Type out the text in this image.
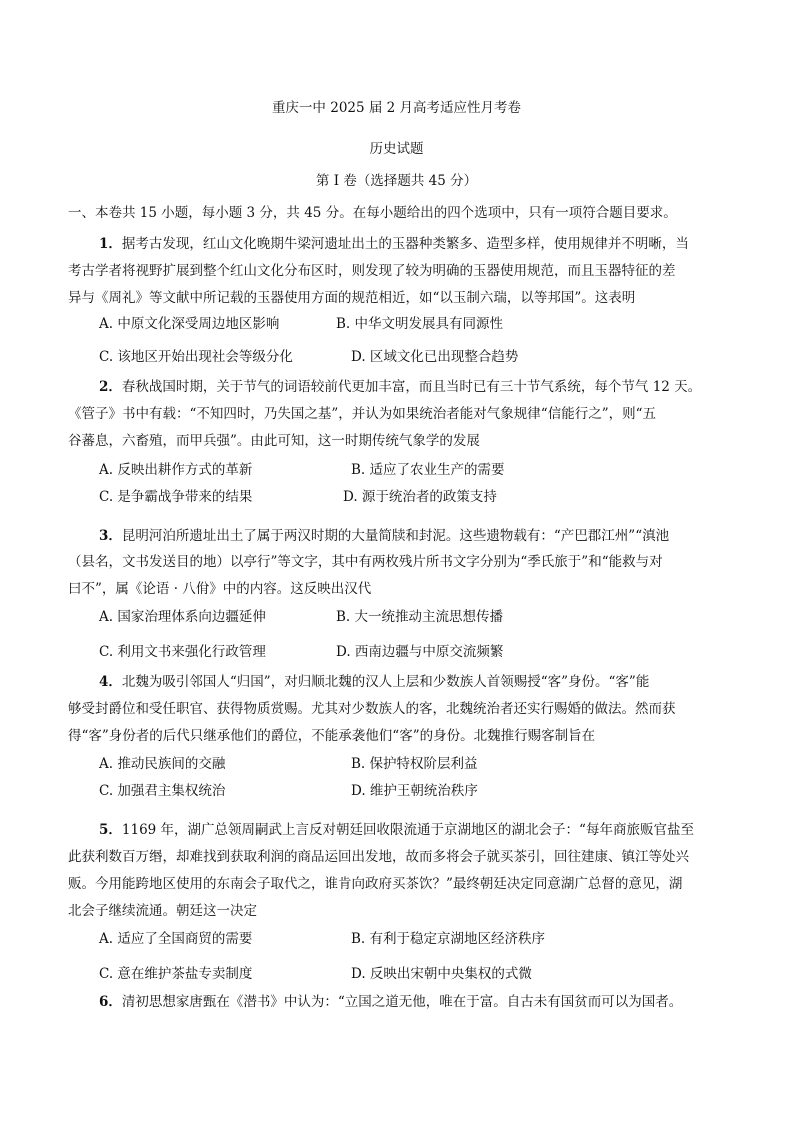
重庆一中 2025 届 2 月高考适应性月考卷
历史试题
第 I 卷（选择题共 45 分）
一、本卷共 15 小题，每小题 3 分，共 45 分。在每小题给出的四个选项中，只有一项符合题目要求。
1．据考古发现，红山文化晚期牛梁河遗址出土的玉器种类繁多、造型多样，使用规律并不明晰，当
考古学者将视野扩展到整个红山文化分布区时，则发现了较为明确的玉器使用规范，而且玉器特征的差
异与《周礼》等文献中所记载的玉器使用方面的规范相近，如“以玉制六瑞，以等邦国”。这表明
A. 中原文化深受周边地区影响	B. 中华文明发展具有同源性
C. 该地区开始出现社会等级分化	D. 区域文化已出现整合趋势
2．春秋战国时期，关于节气的词语较前代更加丰富，而且当时已有三十节气系统，每个节气 12 天。
《管子》书中有载：“不知四时，乃失国之基”，并认为如果统治者能对气象规律“信能行之”，则“五
谷蕃息，六畜殖，而甲兵强”。由此可知，这一时期传统气象学的发展
A. 反映出耕作方式的革新	B. 适应了农业生产的需要
C. 是争霸战争带来的结果	D. 源于统治者的政策支持
3．昆明河泊所遗址出土了属于两汉时期的大量简牍和封泥。这些遗物载有：“产巴郡江州”“滇池
（县名，文书发送目的地）以亭行”等文字，其中有两枚残片所书文字分别为“季氏旅于”和“能救与对
曰不”，属《论语 · 八佾》中的内容。这反映出汉代
A. 国家治理体系向边疆延伸	B. 大一统推动主流思想传播
C. 利用文书来强化行政管理	D. 西南边疆与中原交流频繁
4．北魏为吸引邻国人“归国”，对归顺北魏的汉人上层和少数族人首领赐授“客”身份。“客”能
够受封爵位和受任职官、获得物质赏赐。尤其对少数族人的客，北魏统治者还实行赐婚的做法。然而获
得“客”身份者的后代只继承他们的爵位，不能承袭他们“客”的身份。北魏推行赐客制旨在
A. 推动民族间的交融	B. 保护特权阶层利益
C. 加强君主集权统治	D. 维护王朝统治秩序
5．1169 年，湖广总领周嗣武上言反对朝廷回收限流通于京湖地区的湖北会子：“每年商旅贩官盐至
此获利数百万缗，却难找到获取利润的商品运回出发地，故而多将会子就买茶引，回往建康、镇江等处兴
贩。今用能跨地区使用的东南会子取代之，谁肯向政府买茶饮？”最终朝廷决定同意湖广总督的意见，湖
北会子继续流通。朝廷这一决定
A. 适应了全国商贸的需要	B. 有利于稳定京湖地区经济秩序
C. 意在维护茶盐专卖制度	D. 反映出宋朝中央集权的式微
6．清初思想家唐甄在《潜书》中认为：“立国之道无他，唯在于富。自古未有国贫而可以为国者。
